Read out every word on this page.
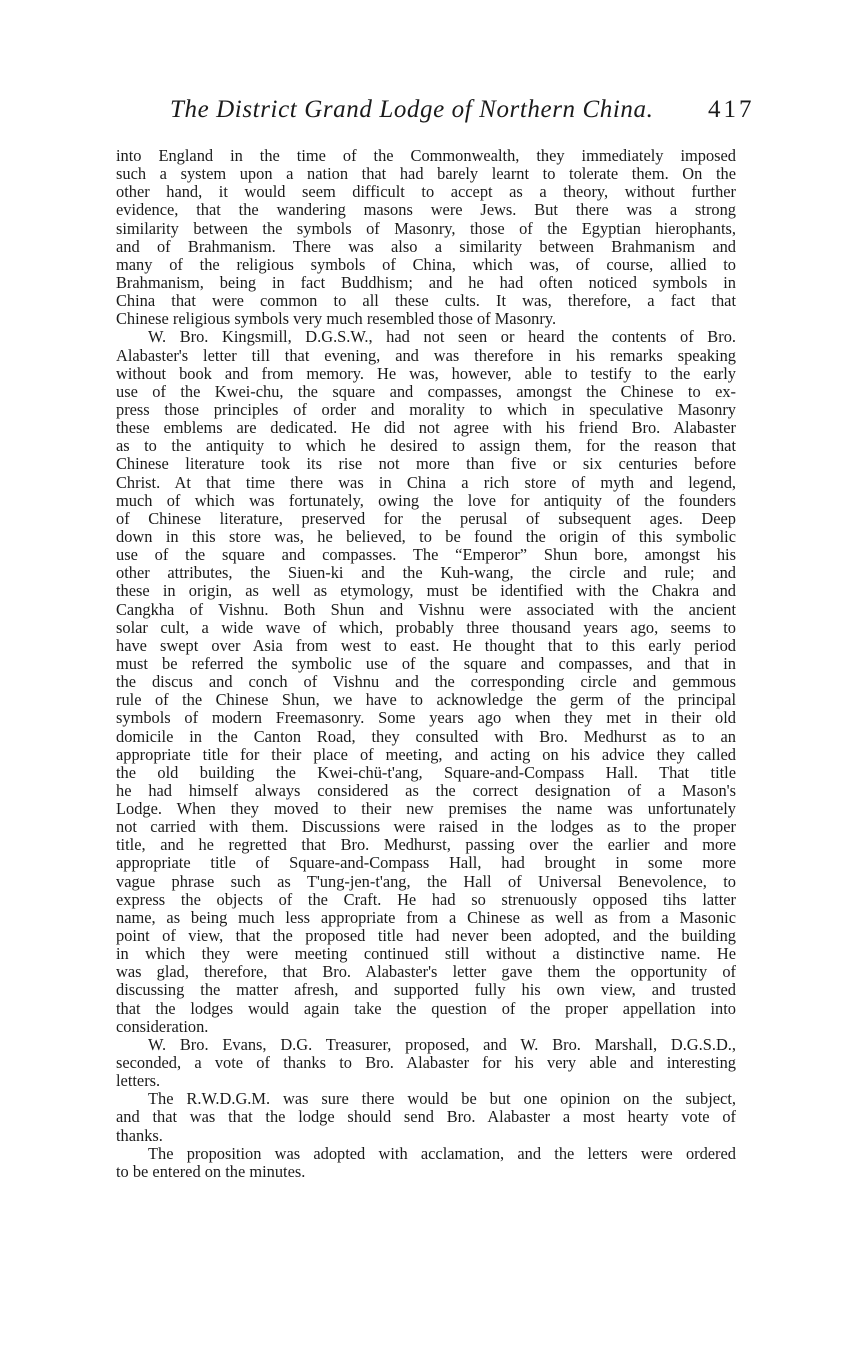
The District Grand Lodge of Northern China.	417
into England in the time of the Commonwealth, they immediately imposed
such a system upon a nation that had barely learnt to tolerate them. On the
other hand, it would seem difficult to accept as a theory, without further
evidence, that the wandering masons were Jews. But there was a strong
similarity between the symbols of Masonry, those of the Egyptian hierophants,
and of Brahmanism. There was also a similarity between Brahmanism and
many of the religious symbols of China, which was, of course, allied to
Brahmanism, being in fact Buddhism; and he had often noticed symbols in
China that were common to all these cults. It was, therefore, a fact that
Chinese religious symbols very much resembled those of Masonry.
W. Bro. Kingsmill, D.G.S.W., had not seen or heard the contents of Bro.
Alabaster's letter till that evening, and was therefore in his remarks speaking
without book and from memory. He was, however, able to testify to the early
use of the Kwei-chu, the square and compasses, amongst the Chinese to ex-
press those principles of order and morality to which in speculative Masonry
these emblems are dedicated. He did not agree with his friend Bro. Alabaster
as to the antiquity to which he desired to assign them, for the reason that
Chinese literature took its rise not more than five or six centuries before
Christ. At that time there was in China a rich store of myth and legend,
much of which was fortunately, owing the love for antiquity of the founders
of Chinese literature, preserved for the perusal of subsequent ages. Deep
down in this store was, he believed, to be found the origin of this symbolic
use of the square and compasses. The “Emperor” Shun bore, amongst his
other attributes, the Siuen-ki and the Kuh-wang, the circle and rule; and
these in origin, as well as etymology, must be identified with the Chakra and
Cangkha of Vishnu. Both Shun and Vishnu were associated with the ancient
solar cult, a wide wave of which, probably three thousand years ago, seems to
have swept over Asia from west to east. He thought that to this early period
must be referred the symbolic use of the square and compasses, and that in
the discus and conch of Vishnu and the corresponding circle and gemmous
rule of the Chinese Shun, we have to acknowledge the germ of the principal
symbols of modern Freemasonry. Some years ago when they met in their old
domicile in the Canton Road, they consulted with Bro. Medhurst as to an
appropriate title for their place of meeting, and acting on his advice they called
the old building the Kwei-chü-t'ang, Square-and-Compass Hall. That title
he had himself always considered as the correct designation of a Mason's
Lodge. When they moved to their new premises the name was unfortunately
not carried with them. Discussions were raised in the lodges as to the proper
title, and he regretted that Bro. Medhurst, passing over the earlier and more
appropriate title of Square-and-Compass Hall, had brought in some more
vague phrase such as T'ung-jen-t'ang, the Hall of Universal Benevolence, to
express the objects of the Craft. He had so strenuously opposed tihs latter
name, as being much less appropriate from a Chinese as well as from a Masonic
point of view, that the proposed title had never been adopted, and the building
in which they were meeting continued still without a distinctive name. He
was glad, therefore, that Bro. Alabaster's letter gave them the opportunity of
discussing the matter afresh, and supported fully his own view, and trusted
that the lodges would again take the question of the proper appellation into
consideration.
W. Bro. Evans, D.G. Treasurer, proposed, and W. Bro. Marshall, D.G.S.D.,
seconded, a vote of thanks to Bro. Alabaster for his very able and interesting
letters.
The R.W.D.G.M. was sure there would be but one opinion on the subject,
and that was that the lodge should send Bro. Alabaster a most hearty vote of
thanks.
The proposition was adopted with acclamation, and the letters were ordered
to be entered on the minutes.
